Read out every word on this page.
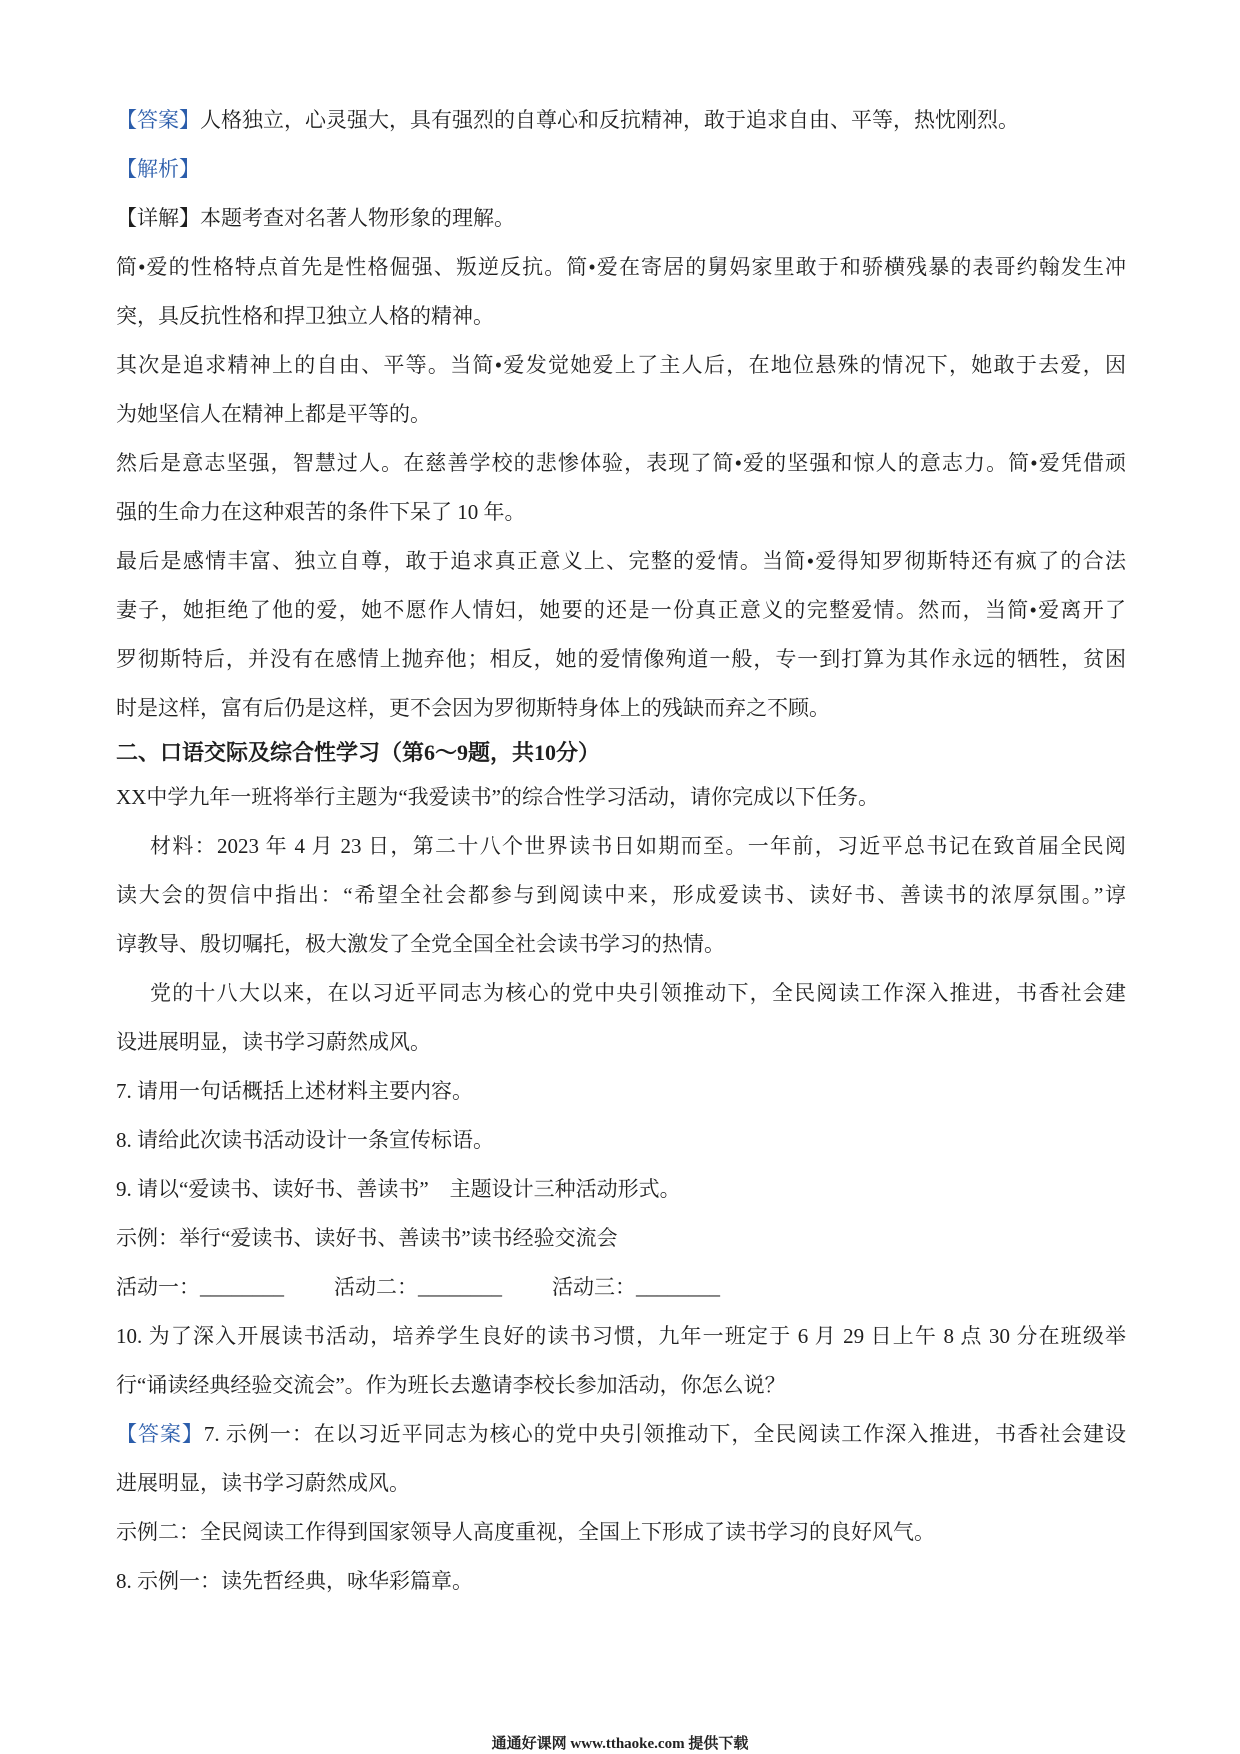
【答案】人格独立，心灵强大，具有强烈的自尊心和反抗精神，敢于追求自由、平等，热忱刚烈。
【解析】
【详解】本题考查对名著人物形象的理解。
简•爱的性格特点首先是性格倔强、叛逆反抗。简•爱在寄居的舅妈家里敢于和骄横残暴的表哥约翰发生冲
突，具反抗性格和捍卫独立人格的精神。
其次是追求精神上的自由、平等。当简•爱发觉她爱上了主人后，在地位悬殊的情况下，她敢于去爱，因
为她坚信人在精神上都是平等的。
然后是意志坚强，智慧过人。在慈善学校的悲惨体验，表现了简•爱的坚强和惊人的意志力。简•爱凭借顽
强的生命力在这种艰苦的条件下呆了 10 年。
最后是感情丰富、独立自尊，敢于追求真正意义上、完整的爱情。当简•爱得知罗彻斯特还有疯了的合法
妻子，她拒绝了他的爱，她不愿作人情妇，她要的还是一份真正意义的完整爱情。然而，当简•爱离开了
罗彻斯特后，并没有在感情上抛弃他；相反，她的爱情像殉道一般，专一到打算为其作永远的牺牲，贫困
时是这样，富有后仍是这样，更不会因为罗彻斯特身体上的残缺而弃之不顾。
二、口语交际及综合性学习（第6～9题，共10分）
XX中学九年一班将举行主题为“我爱读书”的综合性学习活动，请你完成以下任务。
材料：2023 年 4 月 23 日，第二十八个世界读书日如期而至。一年前，习近平总书记在致首届全民阅
读大会的贺信中指出：“希望全社会都参与到阅读中来，形成爱读书、读好书、善读书的浓厚氛围。”谆
谆教导、殷切嘱托，极大激发了全党全国全社会读书学习的热情。
党的十八大以来，在以习近平同志为核心的党中央引领推动下，全民阅读工作深入推进，书香社会建
设进展明显，读书学习蔚然成风。
7. 请用一句话概括上述材料主要内容。
8. 请给此次读书活动设计一条宣传标语。
9. 请以“爱读书、读好书、善读书”　主题设计三种活动形式。
示例：举行“爱读书、读好书、善读书”读书经验交流会
活动一：________ 活动二：________ 活动三：________
10. 为了深入开展读书活动，培养学生良好的读书习惯，九年一班定于 6 月 29 日上午 8 点 30 分在班级举
行“诵读经典经验交流会”。作为班长去邀请李校长参加活动，你怎么说？
【答案】7. 示例一：在以习近平同志为核心的党中央引领推动下，全民阅读工作深入推进，书香社会建设
进展明显，读书学习蔚然成风。
示例二：全民阅读工作得到国家领导人高度重视，全国上下形成了读书学习的良好风气。
8. 示例一：读先哲经典，咏华彩篇章。
通通好课网 www.tthaoke.com 提供下载
